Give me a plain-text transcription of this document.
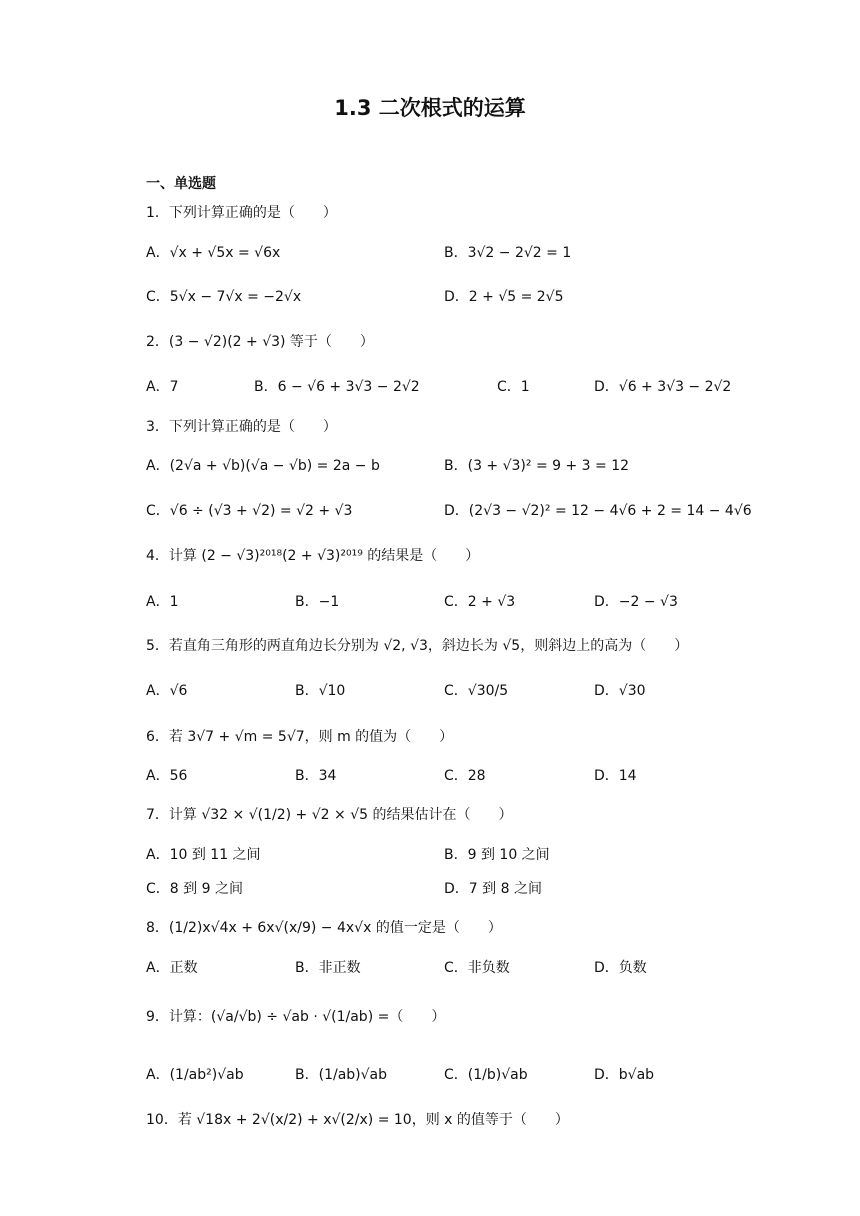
1.3 二次根式的运算
一、单选题
1．下列计算正确的是（　　）
A．√x + √5x = √6x	B．3√2 − 2√2 = 1
C．5√x − 7√x = −2√x	D．2 + √5 = 2√5
2．(3 − √2)(2 + √3) 等于（　　）
A．7	B．6 − √6 + 3√3 − 2√2	C．1	D．√6 + 3√3 − 2√2
3．下列计算正确的是（　　）
A．(2√a + √b)(√a − √b) = 2a − b	B．(3 + √3)² = 9 + 3 = 12
C．√6 ÷ (√3 + √2) = √2 + √3	D．(2√3 − √2)² = 12 − 4√6 + 2 = 14 − 4√6
4．计算 (2 − √3)²⁰¹⁸(2 + √3)²⁰¹⁹ 的结果是（　　）
A．1	B．−1	C．2 + √3	D．−2 − √3
5．若直角三角形的两直角边长分别为 √2, √3，斜边长为 √5，则斜边上的高为（　　）
A．√6	B．√10	C．√30/5	D．√30
6．若 3√7 + √m = 5√7，则 m 的值为（　　）
A．56	B．34	C．28	D．14
7．计算 √32 × √(1/2) + √2 × √5 的结果估计在（　　）
A．10 到 11 之间	B．9 到 10 之间
C．8 到 9 之间	D．7 到 8 之间
8．(1/2)x√4x + 6x√(x/9) − 4x√x 的值一定是（　　）
A．正数	B．非正数	C．非负数	D．负数
9．计算：(√a/√b) ÷ √ab · √(1/ab) =（　　）
A．(1/ab²)√ab	B．(1/ab)√ab	C．(1/b)√ab	D．b√ab
10．若 √18x + 2√(x/2) + x√(2/x) = 10，则 x 的值等于（　　）
